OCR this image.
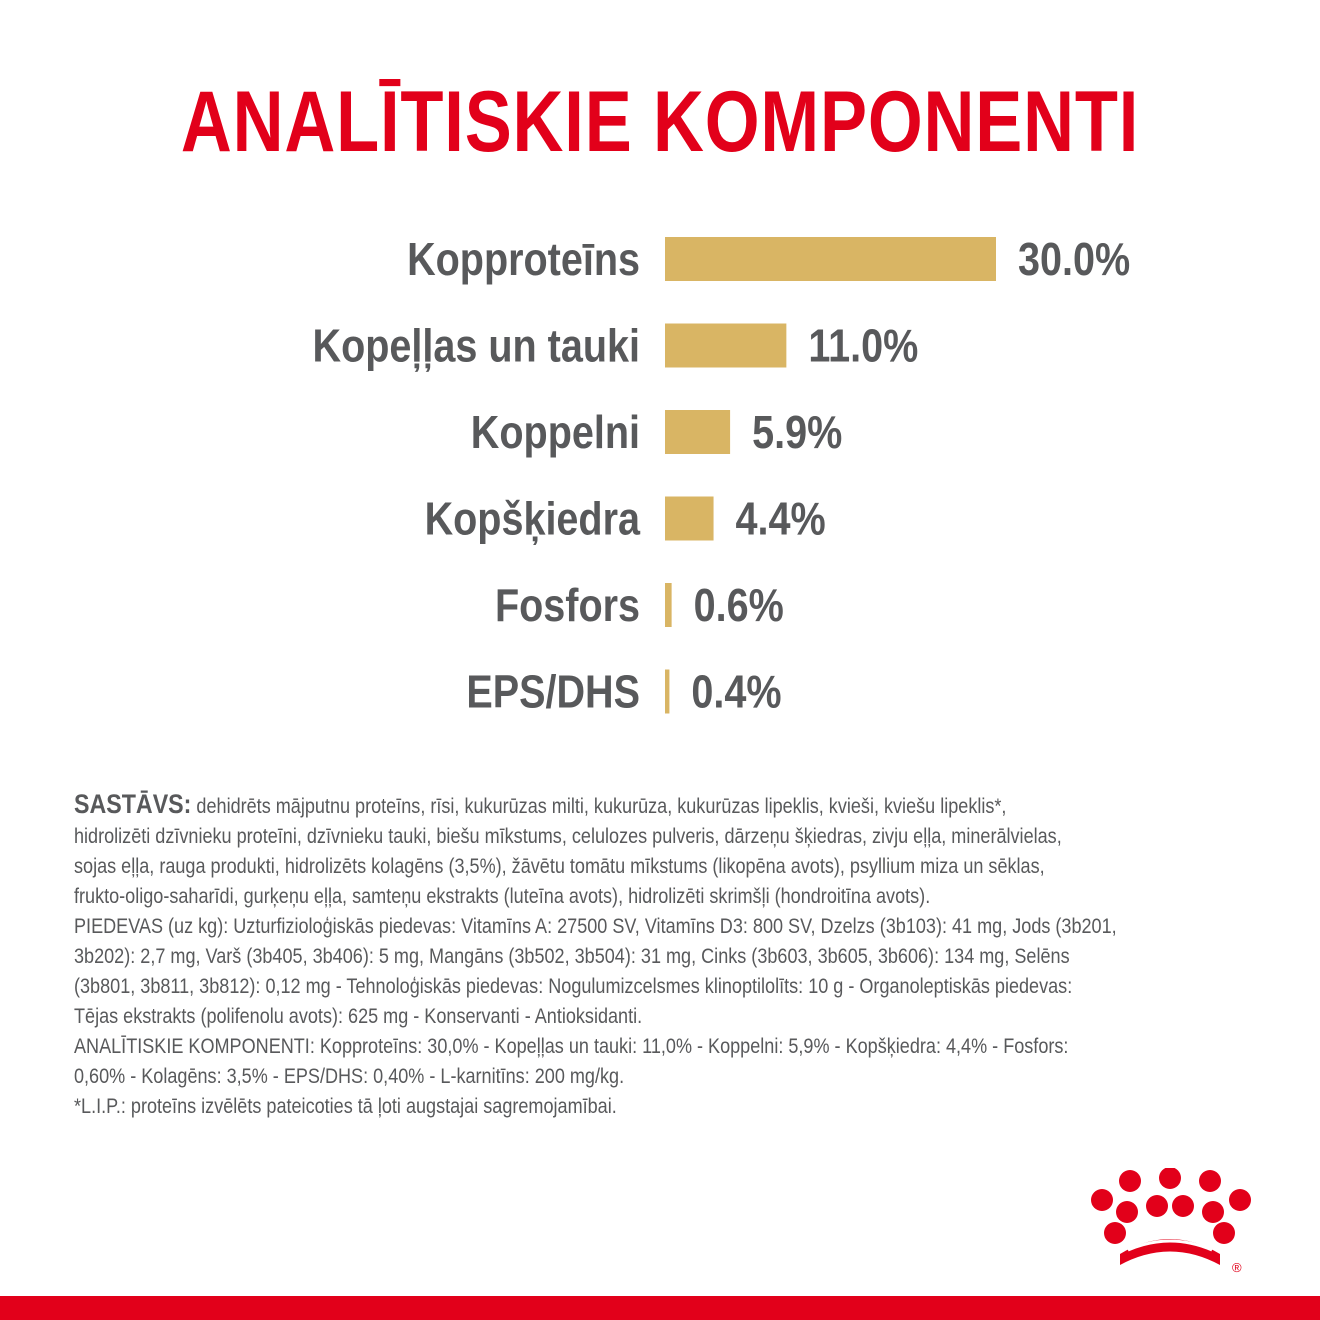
ANALĪTISKIE KOMPONENTI
Kopproteīns	30.0%
Kopeļļas un tauki	11.0%
Koppelni 5.9%
Kopšķiedra 4.4%
Fosfors 0.6%
EPS/DHS 0.4%

SASTĀVS: dehidrēts mājputnu proteīns, rīsi, kukurūzas milti, kukurūza, kukurūzas lipeklis, kvieši, kviešu lipeklis*,

hidrolizēti dzīvnieku proteīni, dzīvnieku tauki, biešu mīkstums, celulozes pulveris, dārzeņu šķiedras, zivju eļļa, minerālvielas,

sojas eļļa, rauga produkti, hidrolizēts kolagēns (3,5%), žāvētu tomātu mīkstums (likopēna avots), psyllium miza un sēklas,

frukto-oligo-saharīdi, gurķeņu eļļa, samteņu ekstrakts (luteīna avots), hidrolizēti skrimšļi (hondroitīna avots).

PIEDEVAS (uz kg): Uzturfizioloģiskās piedevas: Vitamīns A: 27500 SV, Vitamīns D3: 800 SV, Dzelzs (3b103): 41 mg, Jods (3b201,

3b202): 2,7 mg, Varš (3b405, 3b406): 5 mg, Mangāns (3b502, 3b504): 31 mg, Cinks (3b603, 3b605, 3b606): 134 mg, Selēns

(3b801, 3b811, 3b812): 0,12 mg - Tehnoloģiskās piedevas: Nogulumizcelsmes klinoptilolīts: 10 g - Organoleptiskās piedevas:

Tējas ekstrakts (polifenolu avots): 625 mg - Konservanti - Antioksidanti.

ANALĪTISKIE KOMPONENTI: Kopproteīns: 30,0% - Kopeļļas un tauki: 11,0% - Koppelni: 5,9% - Kopšķiedra: 4,4% - Fosfors:

0,60% - Kolagēns: 3,5% - EPS/DHS: 0,40% - L-karnitīns: 200 mg/kg.

*L.I.P.: proteīns izvēlēts pateicoties tā ļoti augstajai sagremojamībai.

®
